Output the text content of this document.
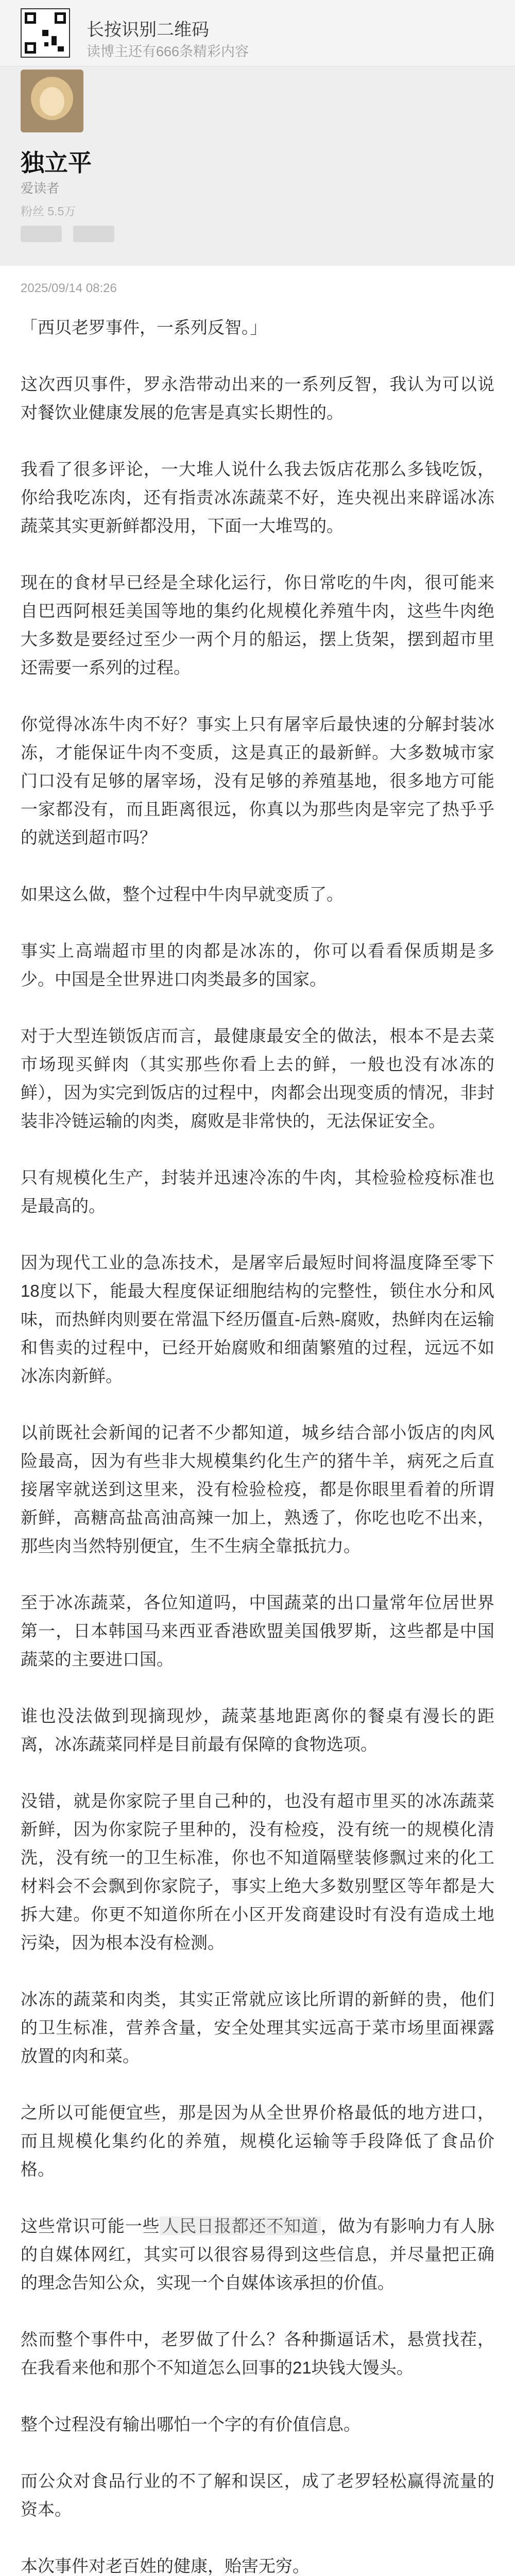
长按识别二维码
读博主还有666条精彩内容
独立平
爱读者
粉丝 5.5万

2025/09/14 08:26

「西贝老罗事件，一系列反智。」

这次西贝事件，罗永浩带动出来的一系列反智，我认为可以说对餐饮业健康发展的危害是真实长期性的。

我看了很多评论，一大堆人说什么我去饭店花那么多钱吃饭，你给我吃冻肉，还有指责冰冻蔬菜不好，连央视出来辟谣冰冻蔬菜其实更新鲜都没用，下面一大堆骂的。

现在的食材早已经是全球化运行，你日常吃的牛肉，很可能来自巴西阿根廷美国等地的集约化规模化养殖牛肉，这些牛肉绝大多数是要经过至少一两个月的船运，摆上货架，摆到超市里还需要一系列的过程。

你觉得冰冻牛肉不好？事实上只有屠宰后最快速的分解封装冰冻，才能保证牛肉不变质，这是真正的最新鲜。大多数城市家门口没有足够的屠宰场，没有足够的养殖基地，很多地方可能一家都没有，而且距离很远，你真以为那些肉是宰完了热乎乎的就送到超市吗？

如果这么做，整个过程中牛肉早就变质了。

事实上高端超市里的肉都是冰冻的，你可以看看保质期是多少。中国是全世界进口肉类最多的国家。

对于大型连锁饭店而言，最健康最安全的做法，根本不是去菜市场现买鲜肉（其实那些你看上去的鲜，一般也没有冰冻的鲜），因为实完到饭店的过程中，肉都会出现变质的情况，非封装非冷链运输的肉类，腐败是非常快的，无法保证安全。

只有规模化生产，封装并迅速冷冻的牛肉，其检验检疫标准也是最高的。

因为现代工业的急冻技术，是屠宰后最短时间将温度降至零下18度以下，能最大程度保证细胞结构的完整性，锁住水分和风味，而热鲜肉则要在常温下经历僵直-后熟-腐败，热鲜肉在运输和售卖的过程中，已经开始腐败和细菌繁殖的过程，远远不如冰冻肉新鲜。

以前既社会新闻的记者不少都知道，城乡结合部小饭店的肉风险最高，因为有些非大规模集约化生产的猪牛羊，病死之后直接屠宰就送到这里来，没有检验检疫，都是你眼里看着的所谓新鲜，高糖高盐高油高辣一加上，熟透了，你吃也吃不出来，那些肉当然特别便宜，生不生病全靠抵抗力。

至于冰冻蔬菜，各位知道吗，中国蔬菜的出口量常年位居世界第一，日本韩国马来西亚香港欧盟美国俄罗斯，这些都是中国蔬菜的主要进口国。

谁也没法做到现摘现炒，蔬菜基地距离你的餐桌有漫长的距离，冰冻蔬菜同样是目前最有保障的食物选项。

没错，就是你家院子里自己种的，也没有超市里买的冰冻蔬菜新鲜，因为你家院子里种的，没有检疫，没有统一的规模化清洗，没有统一的卫生标准，你也不知道隔壁装修飘过来的化工材料会不会飘到你家院子，事实上绝大多数别墅区等年都是大拆大建。你更不知道你所在小区开发商建设时有没有造成土地污染，因为根本没有检测。

冰冻的蔬菜和肉类，其实正常就应该比所谓的新鲜的贵，他们的卫生标准，营养含量，安全处理其实远高于菜市场里面裸露放置的肉和菜。

之所以可能便宜些，那是因为从全世界价格最低的地方进口，而且规模化集约化的养殖，规模化运输等手段降低了食品价格。

这些常识可能一些 人民日报都还不知道 ，做为有影响力有人脉的自媒体网红，其实可以很容易得到这些信息，并尽量把正确的理念告知公众，实现一个自媒体该承担的价值。

然而整个事件中，老罗做了什么？各种撕逼话术，悬赏找茬，在我看来他和那个不知道怎么回事的21块钱大馒头。

整个过程没有输出哪怕一个字的有价值信息。

而公众对食品行业的不了解和误区，成了老罗轻松赢得流量的资本。

本次事件对老百姓的健康，贻害无穷。
